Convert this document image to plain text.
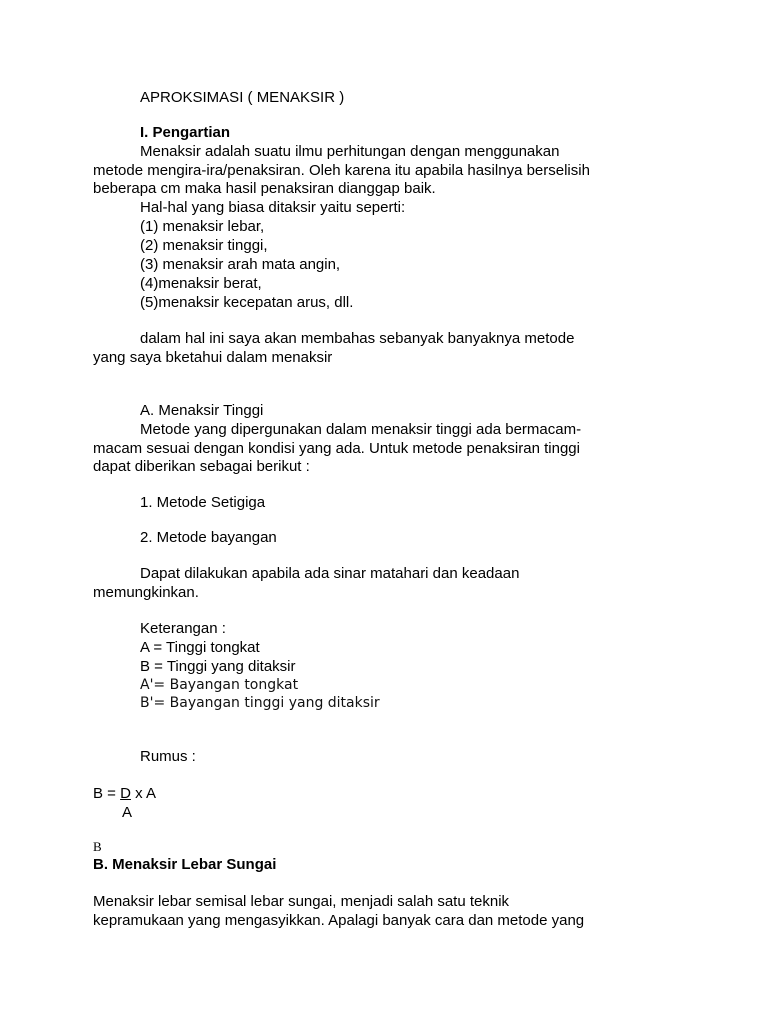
APROKSIMASI ( MENAKSIR )

I. Pengartian

Menaksir adalah suatu ilmu perhitungan dengan menggunakan

metode mengira-ira/penaksiran. Oleh karena itu apabila hasilnya berselisih

beberapa cm maka hasil penaksiran dianggap baik.

Hal-hal yang biasa ditaksir yaitu seperti:

(1) menaksir lebar,

(2) menaksir tinggi,

(3) menaksir arah mata angin,

(4)menaksir berat,

(5)menaksir kecepatan arus, dll.

dalam hal ini saya akan membahas sebanyak banyaknya metode

yang saya bketahui dalam menaksir

A. Menaksir Tinggi

Metode yang dipergunakan dalam menaksir tinggi ada bermacam-

macam sesuai dengan kondisi yang ada. Untuk metode penaksiran tinggi

dapat diberikan sebagai berikut :

1. Metode Setigiga

2. Metode bayangan

Dapat dilakukan apabila ada sinar matahari dan keadaan

memungkinkan.

Keterangan :

A = Tinggi tongkat

B = Tinggi yang ditaksir

A'= Bayangan tongkat

B'= Bayangan tinggi yang ditaksir

Rumus :

B = D x A

A

B

B. Menaksir Lebar Sungai

Menaksir lebar semisal lebar sungai, menjadi salah satu teknik

kepramukaan yang mengasyikkan. Apalagi banyak cara dan metode yang
